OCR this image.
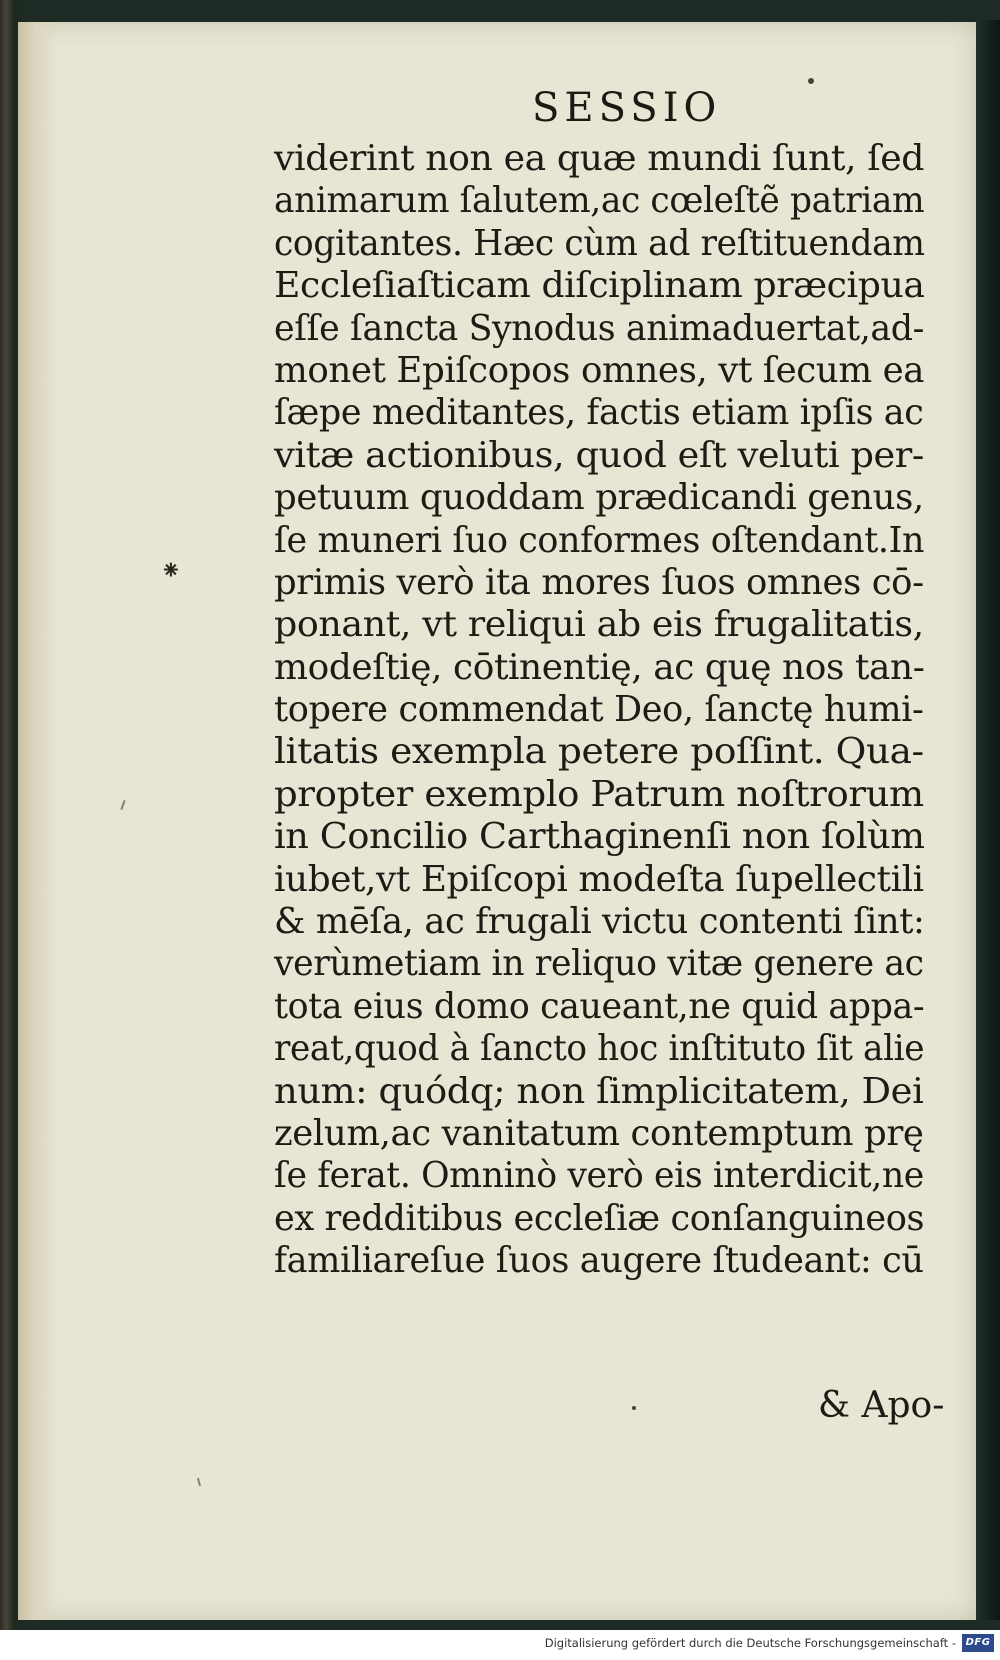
SESSIO
viderint non ea quæ mundi ſunt, ſed
animarum ſalutem,ac cœleſtẽ patriam
cogitantes. Hæc cùm ad reſtituendam
Eccleſiaſticam diſciplinam præcipua
eſſe ſancta Synodus animaduertat,ad-
monet Epiſcopos omnes, vt ſecum ea
ſæpe meditantes, factis etiam ipſis ac
vitæ actionibus, quod eſt veluti per-
petuum quoddam prædicandi genus,
ſe muneri ſuo conformes oſtendant.In
primis verò ita mores ſuos omnes cō-
ponant, vt reliqui ab eis frugalitatis,
modeſtię, cōtinentię, ac quę nos tan-
topere commendat Deo, ſanctę humi-
litatis exempla petere poſſint. Qua-
propter exemplo Patrum noſtrorum
in Concilio Carthaginenſi non ſolùm
iubet,vt Epiſcopi modeſta ſupellectili
& mēſa, ac frugali victu contenti ſint:
verùmetiam in reliquo vitæ genere ac
tota eius domo caueant,ne quid appa-
reat,quod à ſancto hoc inſtituto ſit alie
num: quódq; non ſimplicitatem, Dei
zelum,ac vanitatum contemptum prę
ſe ferat. Omninò verò eis interdicit,ne
ex redditibus eccleſiæ conſanguineos
familiareſue ſuos augere ſtudeant: cū
⁕
& Apo-
Digitalisierung gefördert durch die Deutsche Forschungsgemeinschaft - DFG
